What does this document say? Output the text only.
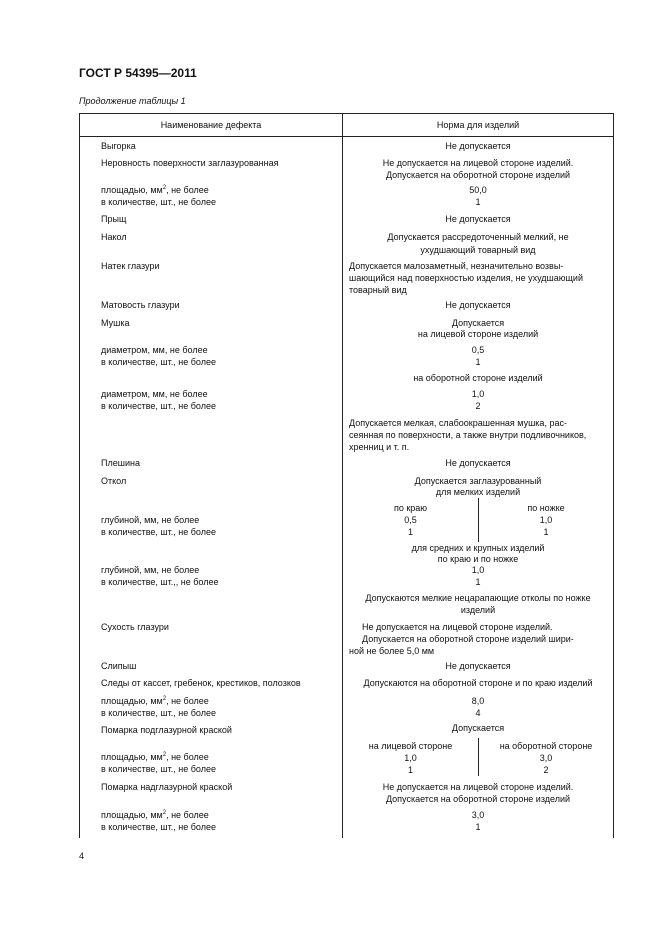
ГОСТ Р 54395—2011
Продолжение таблицы 1
Наименование дефекта	Норма для изделий
Выгорка	Не допускается
Неровность поверхности заглазурованная	Не допускается на лицевой стороне изделий.
Допускается на оборотной стороне изделий
площадью, $мм^2$, не более	50,0
в количестве, шт., не более	1
Прыщ	Не допускается
Накол	Допускается рассредоточенный мелкий, не
ухудшающий товарный вид
Натек глазури	Допускается малозаметный, незначительно возвы-
шающийся над поверхностью изделия, не ухудшающий
товарный вид
Матовость глазури	Не допускается
Мушка	Допускается
на лицевой стороне изделий
диаметром, мм, не более	0,5
в количестве, шт., не более	1
на оборотной стороне изделий
диаметром, мм, не более	1,0
в количестве, шт., не более	2
Допускается мелкая, слабоокрашенная мушка, рас-
сеянная по поверхности, а также внутри подливочников,
хренниц и т. п.
Плешина	Не допускается
Откол	Допускается заглазурованный
для мелких изделий
по краю	по ножке
глубиной, мм, не более	0,5	1,0
в количестве, шт., не более	1	1
для средних и крупных изделий
по краю и по ножке
глубиной, мм, не более	1,0
в количестве, шт.,, не более	1
Допускаются мелкие нецарапающие отколы по ножке
изделий
Сухость глазури	Не допускается на лицевой стороне изделий.
Допускается на оборотной стороне изделий шири-
ной не более 5,0 мм
Слипыш	Не допускается
Следы от кассет, гребенок, крестиков, полозков	Допускаются на оборотной стороне и по краю изделий
площадью, $мм^2$, не более	8,0
в количестве, шт., не более	4
Помарка подглазурной краской	Допускается
на лицевой стороне	на оборотной стороне
площадью, $мм^2$, не более	1,0	3,0
в количестве, шт., не более	1	2
Помарка надглазурной краской	Не допускается на лицевой стороне изделий.
Допускается на оборотной стороне изделий
площадью, $мм^2$, не более	3,0
в количестве, шт., не более	1
4
